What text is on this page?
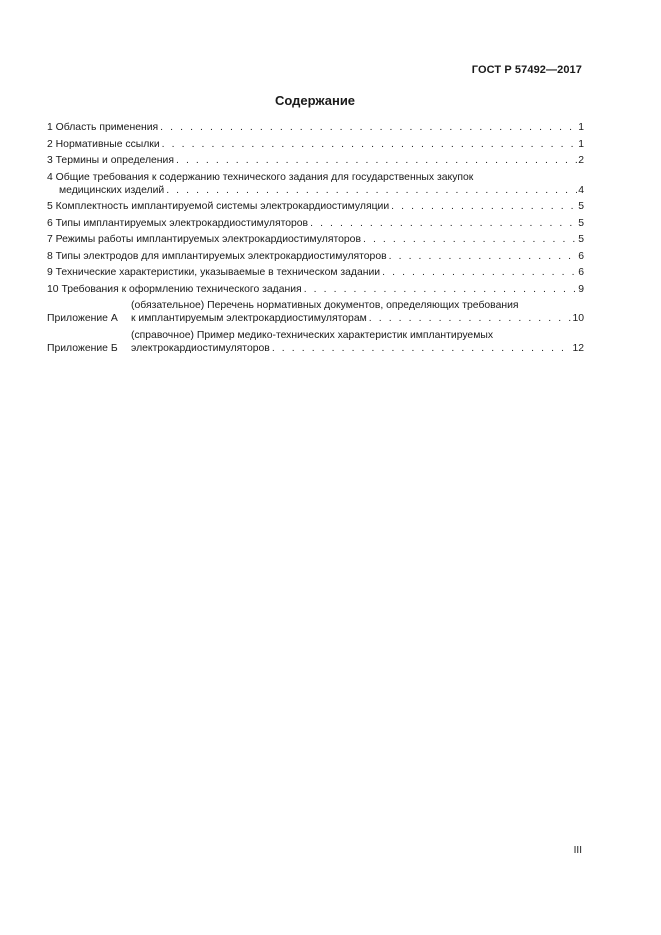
ГОСТ Р 57492—2017
Содержание
1 Область применения . . .	1
2 Нормативные ссылки . . .	1
3 Термины и определения . . .	2
4 Общие требования к содержанию технического задания для государственных закупок
медицинских изделий . . .	4
5 Комплектность имплантируемой системы электрокардиостимуляции . . .	5
6 Типы имплантируемых электрокардиостимуляторов . . .	5
7 Режимы работы имплантируемых электрокардиостимуляторов . . .	5
8 Типы электродов для имплантируемых электрокардиостимуляторов . . .	6
9 Технические характеристики, указываемые в техническом задании . . .	6
10 Требования к оформлению технического задания . . .	9
Приложение А
(обязательное) Перечень нормативных документов, определяющих требования
к имплантируемым электрокардиостимуляторам . . .	10
Приложение Б
(справочное) Пример медико-технических характеристик имплантируемых
электрокардиостимуляторов . . .	12
III
